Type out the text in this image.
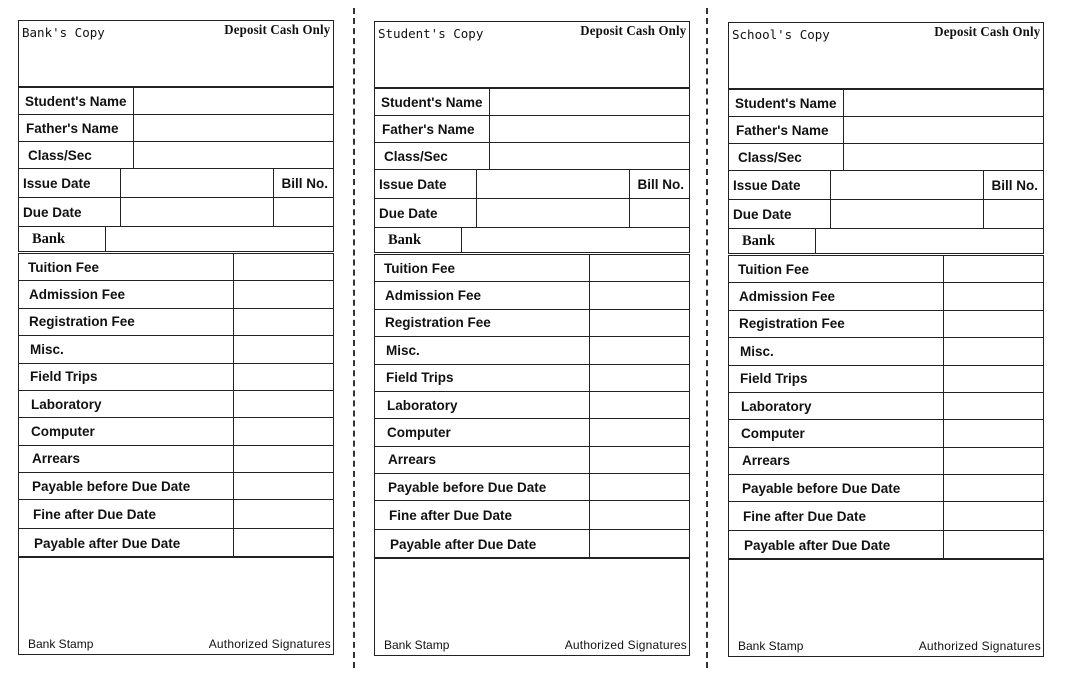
Bank's Copy	Deposit Cash Only
Student's Name
Father's Name
Class/Sec
Issue Date	Bill No.
Due Date
Bank
Tuition Fee
Admission Fee
Registration Fee
Misc.
Field Trips
Laboratory
Computer
Arrears
Payable before Due Date
Fine after Due Date
Payable after Due Date
Bank Stamp	Authorized Signatures
Student's Copy	Deposit Cash Only
Student's Name
Father's Name
Class/Sec
Issue Date	Bill No.
Due Date
Bank
Tuition Fee
Admission Fee
Registration Fee
Misc.
Field Trips
Laboratory
Computer
Arrears
Payable before Due Date
Fine after Due Date
Payable after Due Date
Bank Stamp	Authorized Signatures
School's Copy	Deposit Cash Only
Student's Name
Father's Name
Class/Sec
Issue Date	Bill No.
Due Date
Bank
Tuition Fee
Admission Fee
Registration Fee
Misc.
Field Trips
Laboratory
Computer
Arrears
Payable before Due Date
Fine after Due Date
Payable after Due Date
Bank Stamp	Authorized Signatures
